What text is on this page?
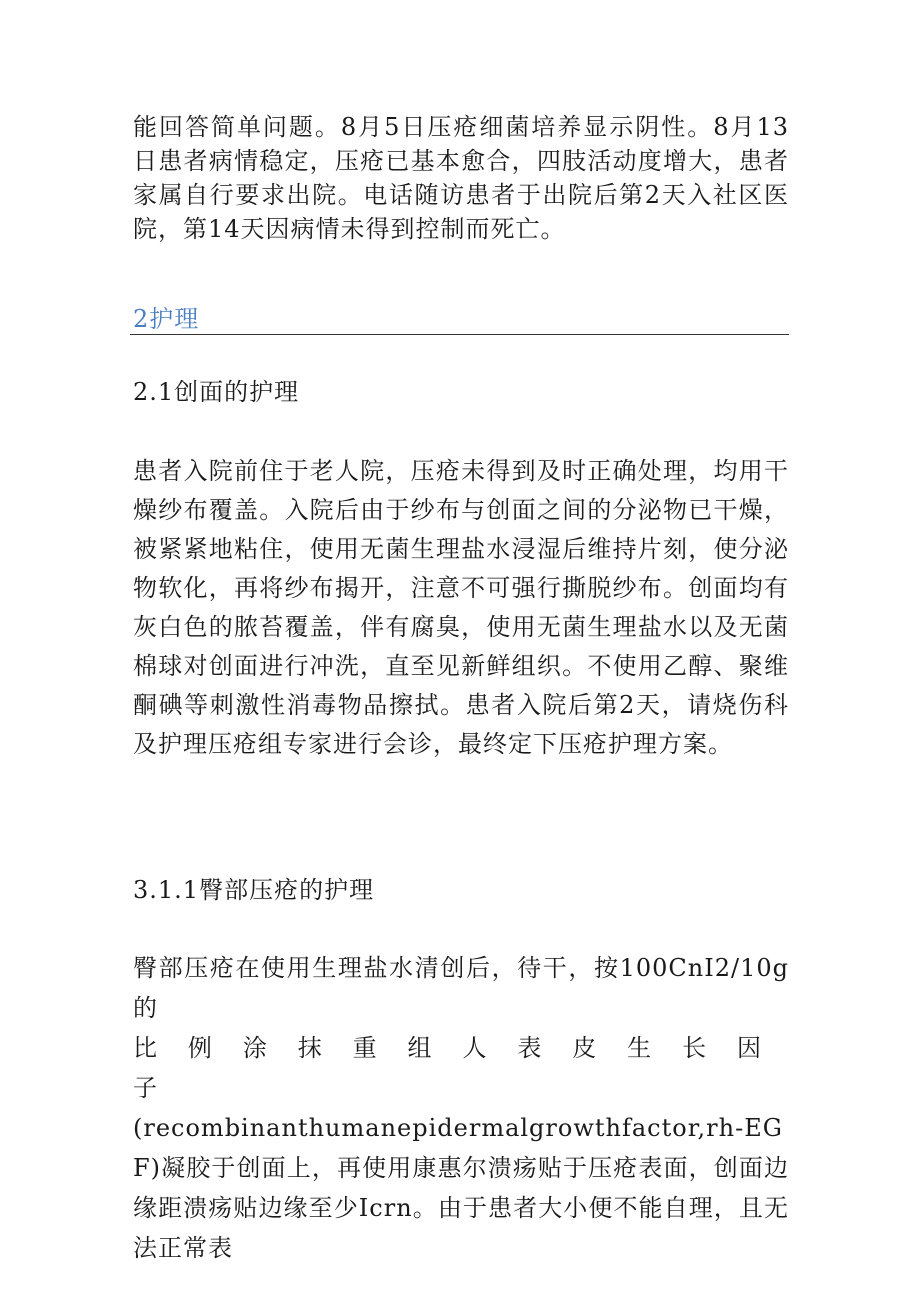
能回答简单问题。8月5日压疮细菌培养显示阴性。8月13日患者病情稳定，压疮已基本愈合，四肢活动度增大，患者家属自行要求出院。电话随访患者于出院后第2天入社区医院，第14天因病情未得到控制而死亡。

2护理
2.1创面的护理

患者入院前住于老人院，压疮未得到及时正确处理，均用干燥纱布覆盖。入院后由于纱布与创面之间的分泌物已干燥，被紧紧地粘住，使用无菌生理盐水浸湿后维持片刻，使分泌物软化，再将纱布揭开，注意不可强行撕脱纱布。创面均有灰白色的脓苔覆盖，伴有腐臭，使用无菌生理盐水以及无菌棉球对创面进行冲洗，直至见新鲜组织。不使用乙醇、聚维酮碘等刺激性消毒物品擦拭。患者入院后第2天，请烧伤科及护理压疮组专家进行会诊，最终定下压疮护理方案。

3.1.1臀部压疮的护理
臀部压疮在使用生理盐水清创后，待干，按100CnI2/10g的
比例涂抹重组人表皮生长因子
(recombinanthumanepidermalgrowthfactor,rh-EGF)凝胶于创面上，再使用康惠尔溃疡贴于压疮表面，创面边缘距溃疡贴边缘至少Icrn。由于患者大小便不能自理，且无法正常表
